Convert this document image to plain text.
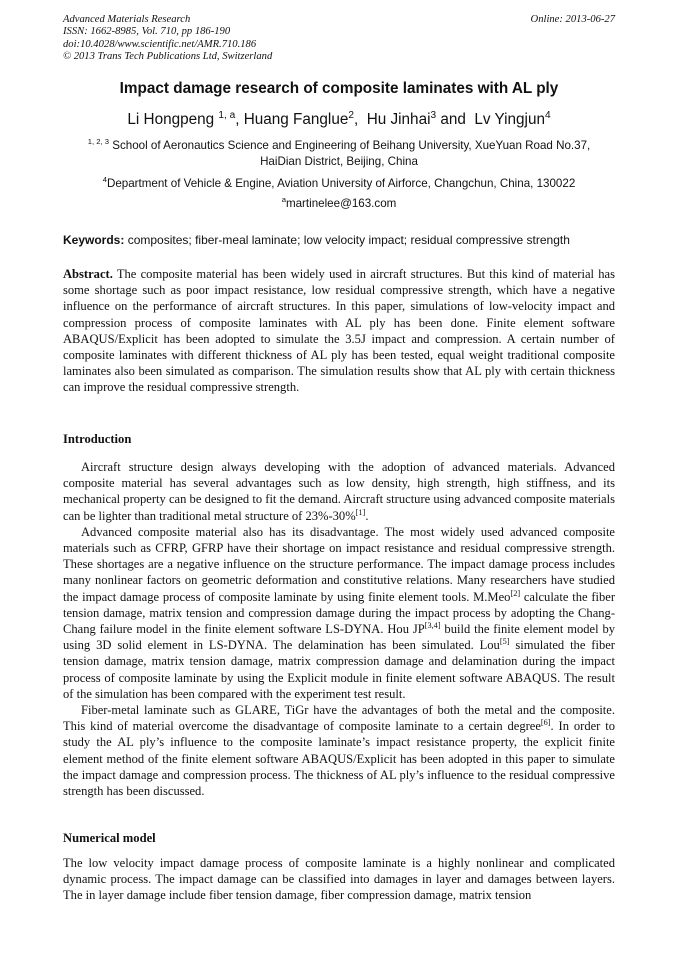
Advanced Materials Research
ISSN: 1662-8985, Vol. 710, pp 186-190
doi:10.4028/www.scientific.net/AMR.710.186
© 2013 Trans Tech Publications Ltd, Switzerland
Online: 2013-06-27
Impact damage research of composite laminates with AL ply
Li Hongpeng $^{1, a}$, Huang Fanglue$^2$,  Hu Jinhai$^3$ and Lv Yingjun$^4$
$^{1, 2, 3}$ School of Aeronautics Science and Engineering of Beihang University, XueYuan Road No.37,
HaiDian District, Beijing, China
$^4$Department of Vehicle & Engine, Aviation University of Airforce, Changchun, China, 130022
$^a$martinelee@163.com
Keywords: composites; fiber-meal laminate; low velocity impact; residual compressive strength
Abstract. The composite material has been widely used in aircraft structures. But this kind of material has some shortage such as poor impact resistance, low residual compressive strength, which have a negative influence on the performance of aircraft structures. In this paper, simulations of low-velocity impact and compression process of composite laminates with AL ply has been done. Finite element software ABAQUS/Explicit has been adopted to simulate the 3.5J impact and compression. A certain number of composite laminates with different thickness of AL ply has been tested, equal weight traditional composite laminates also been simulated as comparison. The simulation results show that AL ply with certain thickness can improve the residual compressive strength.
Introduction

Aircraft structure design always developing with the adoption of advanced materials. Advanced composite material has several advantages such as low density, high strength, high stiffness, and its mechanical property can be designed to fit the demand. Aircraft structure using advanced composite materials can be lighter than traditional metal structure of 23%-30%[1].

Advanced composite material also has its disadvantage. The most widely used advanced composite materials such as CFRP, GFRP have their shortage on impact resistance and residual compressive strength. These shortages are a negative influence on the structure performance. The impact damage process includes many nonlinear factors on geometric deformation and constitutive relations. Many researchers have studied the impact damage process of composite laminate by using finite element tools. M.Meo[2] calculate the fiber tension damage, matrix tension and compression damage during the impact process by adopting the Chang-Chang failure model in the finite element software LS-DYNA. Hou JP[3,4] build the finite element model by using 3D solid element in LS-DYNA. The delamination has been simulated. Lou[5] simulated the fiber tension damage, matrix tension damage, matrix compression damage and delamination during the impact process of composite laminate by using the Explicit module in finite element software ABAQUS. The result of the simulation has been compared with the experiment test result.

Fiber-metal laminate such as GLARE, TiGr have the advantages of both the metal and the composite. This kind of material overcome the disadvantage of composite laminate to a certain degree[6]. In order to study the AL ply’s influence to the composite laminate’s impact resistance property, the explicit finite element method of the finite element software ABAQUS/Explicit has been adopted in this paper to simulate the impact damage and compression process. The thickness of AL ply’s influence to the residual compressive strength has been discussed.

Numerical model
The low velocity impact damage process of composite laminate is a highly nonlinear and complicated dynamic process. The impact damage can be classified into damages in layer and damages between layers. The in layer damage include fiber tension damage, fiber compression damage, matrix tension
